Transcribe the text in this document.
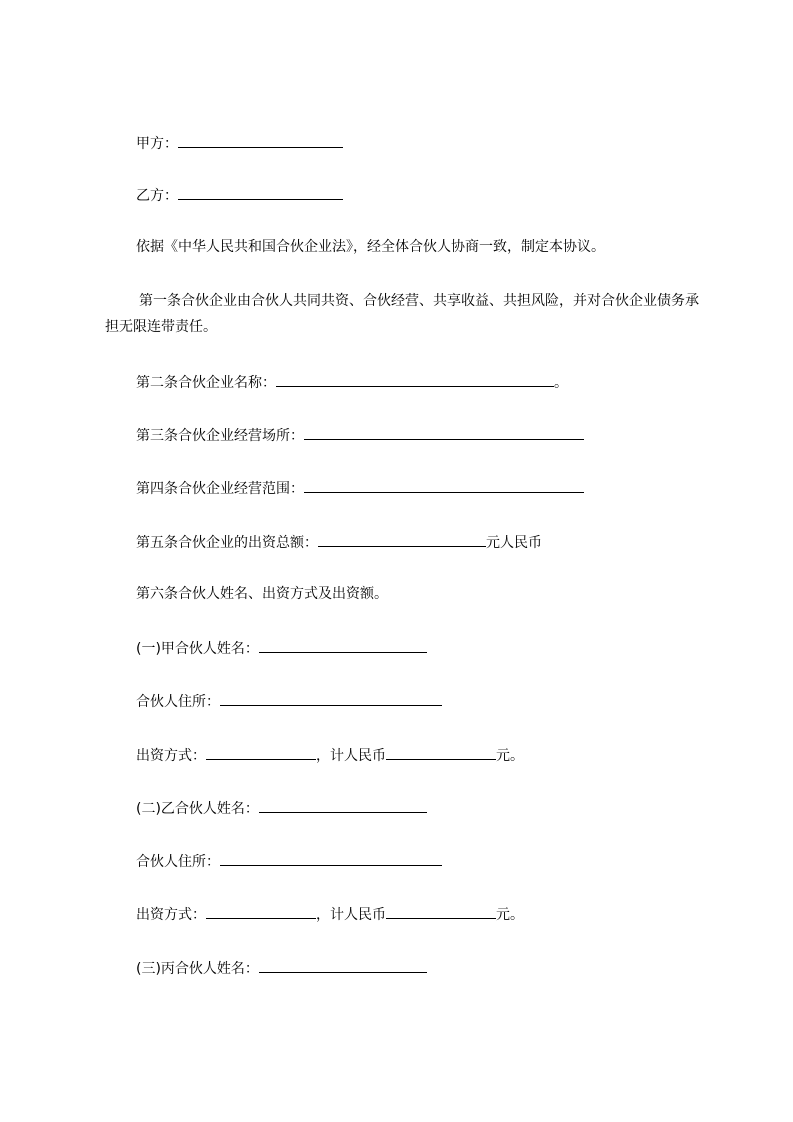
甲方：
乙方：
依据《中华人民共和国合伙企业法》，经全体合伙人协商一致，制定本协议。
第一条合伙企业由合伙人共同共资、合伙经营、共享收益、共担风险，并对合伙企业债务承担无限连带责任。
第二条合伙企业名称：	。
第三条合伙企业经营场所：
第四条合伙企业经营范围：
第五条合伙企业的出资总额：	元人民币
第六条合伙人姓名、出资方式及出资额。
(一)甲合伙人姓名：
合伙人住所：
出资方式：	，计人民币	元。
(二)乙合伙人姓名：
合伙人住所：
出资方式：	，计人民币	元。
(三)丙合伙人姓名：
